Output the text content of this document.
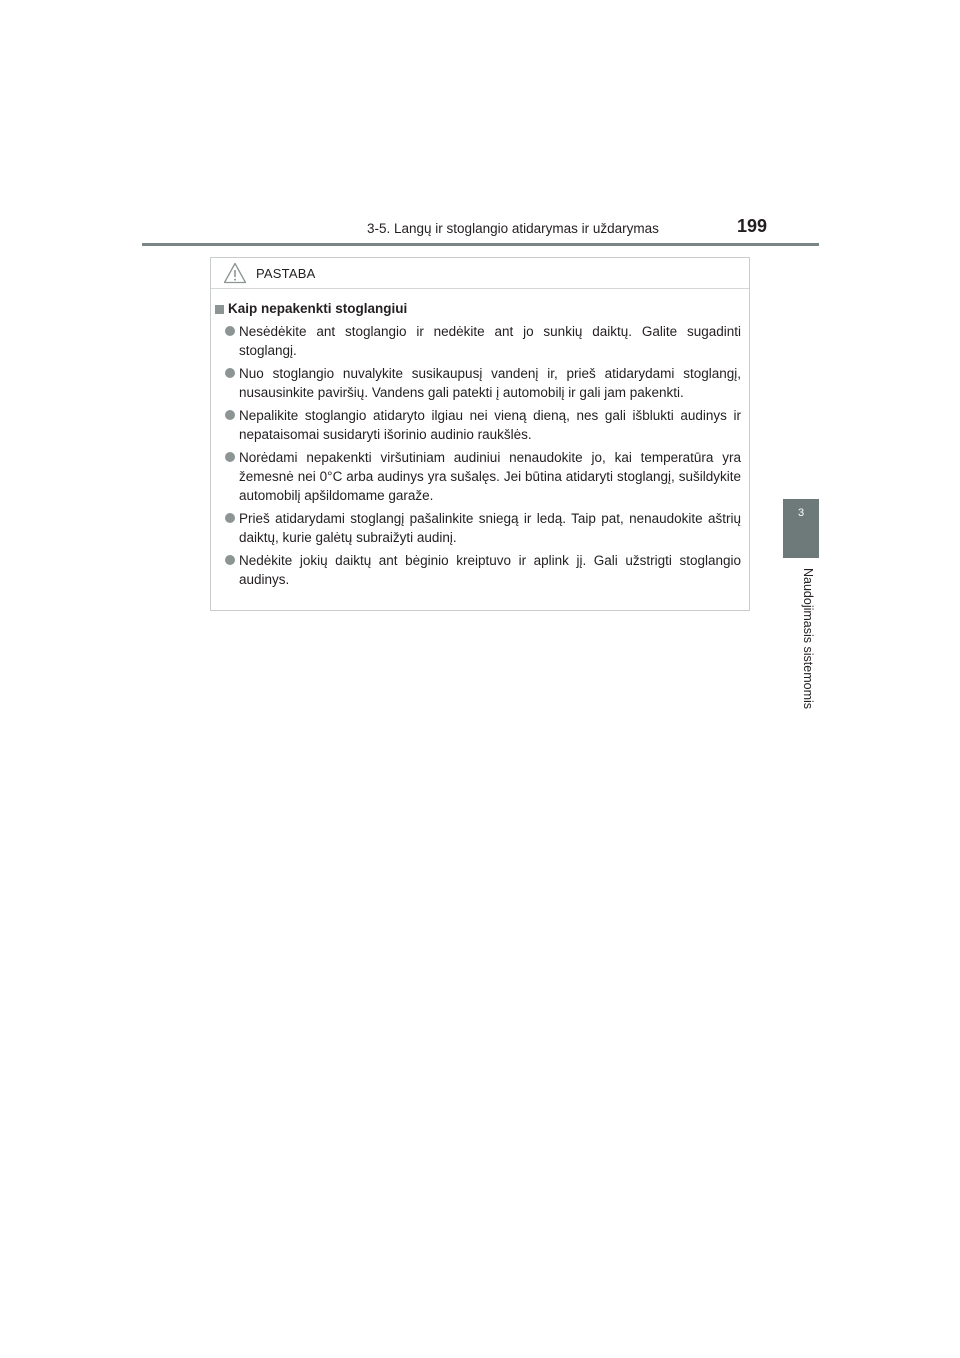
3-5. Langų ir stoglangio atidarymas ir uždarymas	199
3
Naudojimasis sistemomis
PASTABA
Kaip nepakenkti stoglangiui
Nesėdėkite ant stoglangio ir nedėkite ant jo sunkių daiktų. Galite sugadinti stoglangį.
Nuo stoglangio nuvalykite susikaupusį vandenį ir, prieš atidarydami stoglangį, nusausinkite paviršių. Vandens gali patekti į automobilį ir gali jam pakenkti.
Nepalikite stoglangio atidaryto ilgiau nei vieną dieną, nes gali išblukti audinys ir nepataisomai susidaryti išorinio audinio raukšlės.
Norėdami nepakenkti viršutiniam audiniui nenaudokite jo, kai temperatūra yra žemesnė nei 0°C arba audinys yra sušalęs. Jei būtina atidaryti stoglangį, sušildykite automobilį apšildomame garaže.
Prieš atidarydami stoglangį pašalinkite sniegą ir ledą. Taip pat, nenaudokite aštrių daiktų, kurie galėtų subraižyti audinį.
Nedėkite jokių daiktų ant bėginio kreiptuvo ir aplink jį. Gali užstrigti stoglangio audinys.
